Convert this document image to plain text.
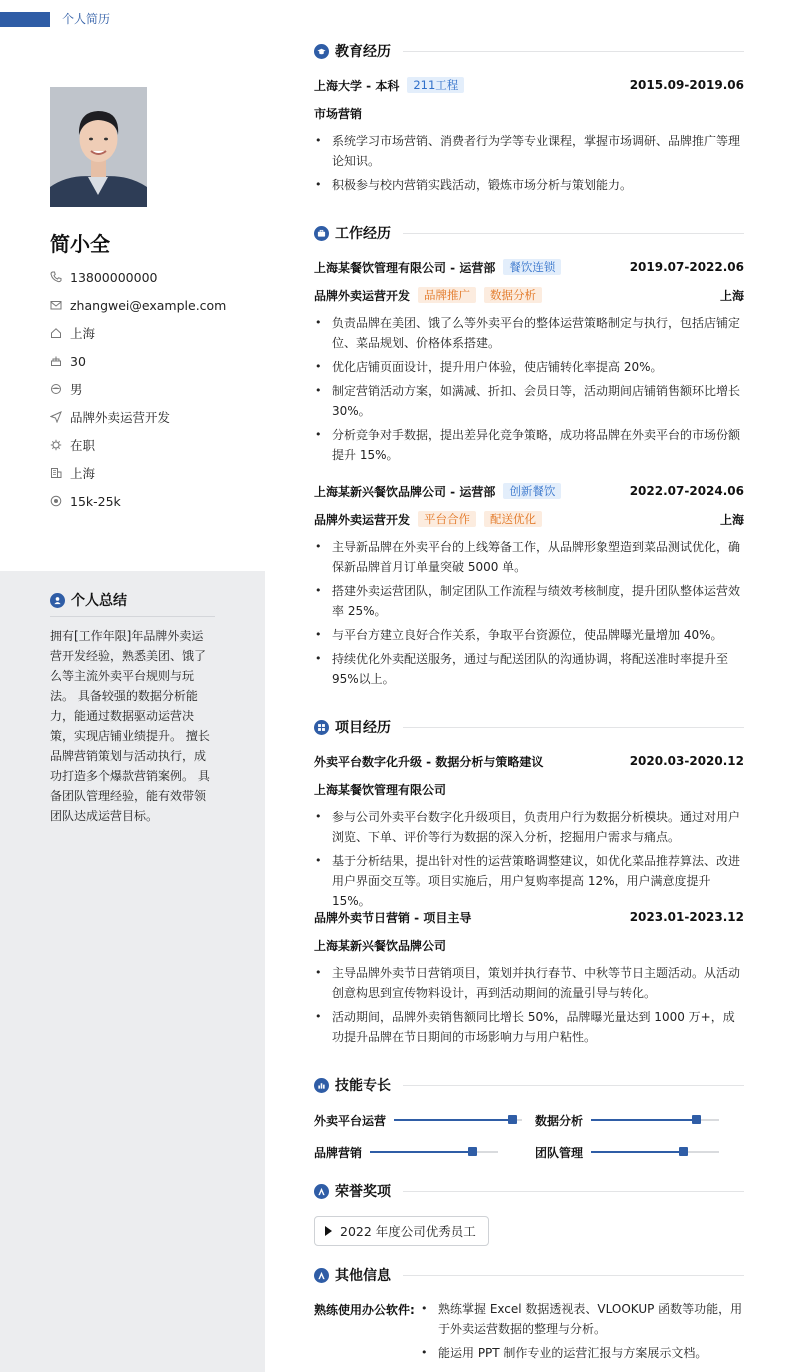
个人简历
简小全
13800000000
zhangwei@example.com
上海
30
男
品牌外卖运营开发
在职
上海
15k-25k
个人总结
拥有[工作年限]年品牌外卖运营开发经验，熟悉美团、饿了么等主流外卖平台规则与玩法。 具备较强的数据分析能力，能通过数据驱动运营决策，实现店铺业绩提升。 擅长品牌营销策划与活动执行，成功打造多个爆款营销案例。 具备团队管理经验，能有效带领团队达成运营目标。
教育经历
上海大学 - 本科	211工程	2015.09-2019.06
市场营销
• 系统学习市场营销、消费者行为学等专业课程，掌握市场调研、品牌推广等理论知识。
• 积极参与校内营销实践活动，锻炼市场分析与策划能力。
工作经历
上海某餐饮管理有限公司 - 运营部	餐饮连锁	2019.07-2022.06
品牌外卖运营开发	品牌推广	数据分析	上海
• 负责品牌在美团、饿了么等外卖平台的整体运营策略制定与执行，包括店铺定位、菜品规划、价格体系搭建。
• 优化店铺页面设计，提升用户体验，使店铺转化率提高 20%。
• 制定营销活动方案，如满减、折扣、会员日等，活动期间店铺销售额环比增长 30%。
• 分析竞争对手数据，提出差异化竞争策略，成功将品牌在外卖平台的市场份额提升 15%。
上海某新兴餐饮品牌公司 - 运营部	创新餐饮	2022.07-2024.06
品牌外卖运营开发	平台合作	配送优化	上海
• 主导新品牌在外卖平台的上线筹备工作，从品牌形象塑造到菜品测试优化，确保新品牌首月订单量突破 5000 单。
• 搭建外卖运营团队，制定团队工作流程与绩效考核制度，提升团队整体运营效率 25%。
• 与平台方建立良好合作关系，争取平台资源位，使品牌曝光量增加 40%。
• 持续优化外卖配送服务，通过与配送团队的沟通协调，将配送准时率提升至 95%以上。
项目经历
外卖平台数字化升级 - 数据分析与策略建议	2020.03-2020.12
上海某餐饮管理有限公司
• 参与公司外卖平台数字化升级项目，负责用户行为数据分析模块。通过对用户浏览、下单、评价等行为数据的深入分析，挖掘用户需求与痛点。
• 基于分析结果，提出针对性的运营策略调整建议，如优化菜品推荐算法、改进用户界面交互等。项目实施后，用户复购率提高 12%，用户满意度提升 15%。
品牌外卖节日营销 - 项目主导	2023.01-2023.12
上海某新兴餐饮品牌公司
• 主导品牌外卖节日营销项目，策划并执行春节、中秋等节日主题活动。从活动创意构思到宣传物料设计，再到活动期间的流量引导与转化。
• 活动期间，品牌外卖销售额同比增长 50%，品牌曝光量达到 1000 万+，成功提升品牌在节日期间的市场影响力与用户粘性。
技能专长
外卖平台运营	数据分析
品牌营销	团队管理
荣誉奖项
2022 年度公司优秀员工
其他信息
熟练使用办公软件: • 熟练掌握 Excel 数据透视表、VLOOKUP 函数等功能，用于外卖运营数据的整理与分析。
• 能运用 PPT 制作专业的运营汇报与方案展示文档。
